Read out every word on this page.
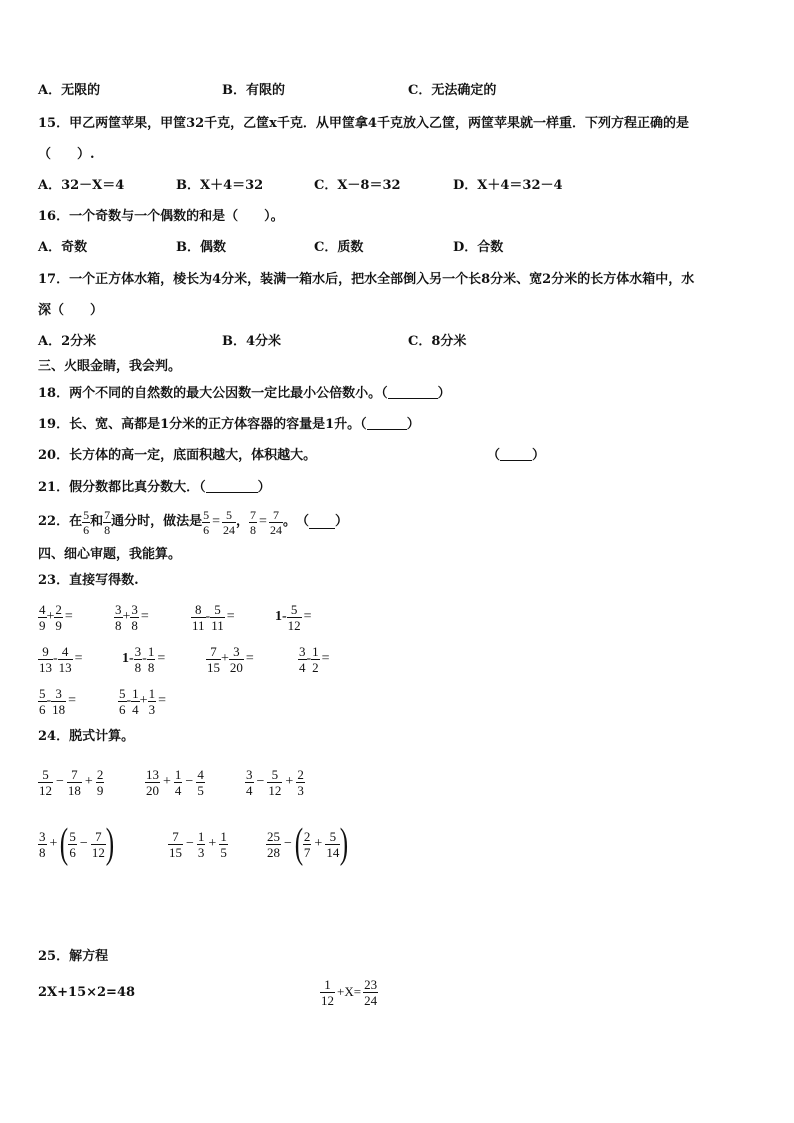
A．无限的	B．有限的	C．无法确定的
15．甲乙两筐苹果，甲筐32千克，乙筐x千克．从甲筐拿4千克放入乙筐，两筐苹果就一样重．下列方程正确的是
（　　）.
A．32－X＝4	B．X＋4＝32	C．X－8＝32	D．X＋4＝32－4
16．一个奇数与一个偶数的和是（　　）。
A．奇数	B．偶数	C．质数	D．合数
17．一个正方体水箱，棱长为4分米，装满一箱水后，把水全部倒入另一个长8分米、宽2分米的长方体水箱中，水
深（　　）
A．2分米	B．4分米	C．8分米
三、火眼金睛，我会判。
18．两个不同的自然数的最大公因数一定比最小公倍数小。（	）
19．长、宽、高都是1分米的正方体容器的容量是1升。（	）
20．长方体的高一定，底面积越大，体积越大。	（ ）
21．假分数都比真分数大．（	）
22．在 $\frac{5}{6}$ 和 $\frac{7}{8}$ 通分时，做法是 $\frac{5}{6} = \frac{5}{24}$ ， $\frac{7}{8} = \frac{7}{24}$ 。　（ ）
四、细心审题，我能算。
23．直接写得数.
$\frac{4}{9} + \frac{2}{9}$ =	$\frac{3}{8} + \frac{3}{8}$ =	$\frac{8}{11} - \frac{5}{11}$ =	$1- \frac{5}{12}$ =
$\frac{9}{13} - \frac{4}{13}$ =	$1- \frac{3}{8} - \frac{1}{8}$ =	$\frac{7}{15} + \frac{3}{20}$ =	$\frac{3}{4} - \frac{1}{2}$ =
$\frac{5}{6} - \frac{3}{18}$ =	$\frac{5}{6} - \frac{1}{4} + \frac{1}{3}$ =
24．脱式计算。
$\frac{5}{12} - \frac{7}{18} + \frac{2}{9}$	$\frac{13}{20} + \frac{1}{4} - \frac{4}{5}$	$\frac{3}{4} - \frac{5}{12} + \frac{2}{3}$
$\frac{3}{8}$ + ( $\frac{5}{6} - \frac{7}{12}$ )	$\frac{7}{15} - \frac{1}{3} + \frac{1}{5}$	$\frac{25}{28}$ − ( $\frac{2}{7} + \frac{5}{14}$ )
25．解方程
2X+15×2=48	$\frac{1}{12} +X= \frac{23}{24}$
